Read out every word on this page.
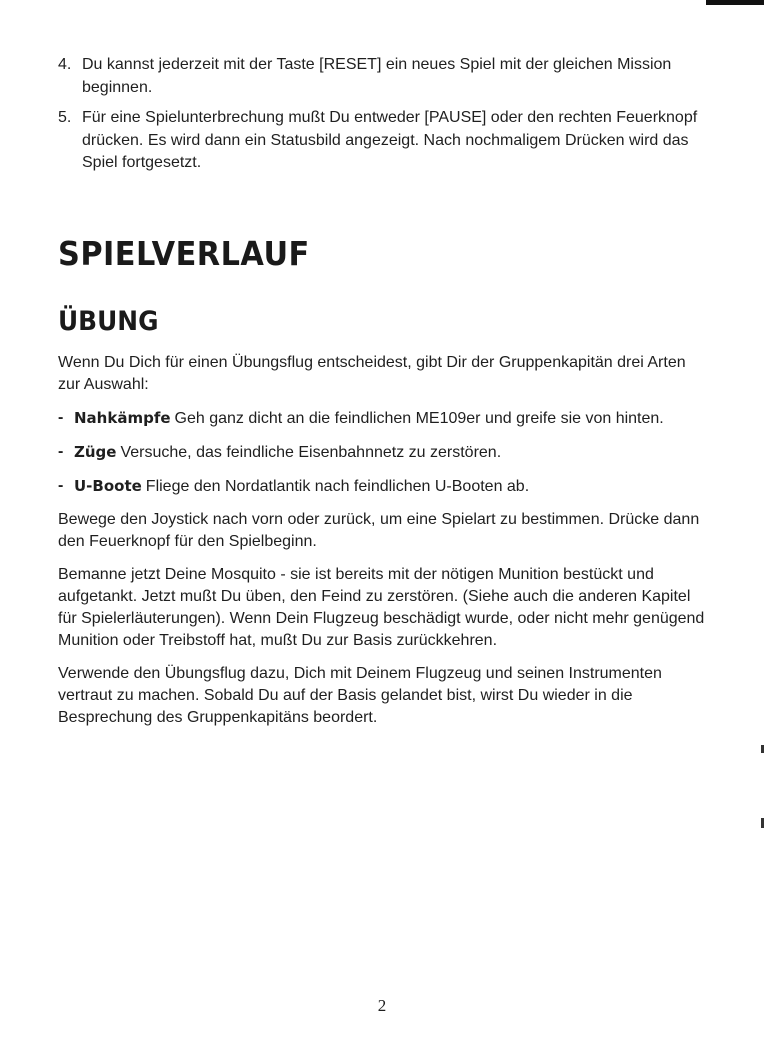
4. Du kannst jederzeit mit der Taste [RESET] ein neues Spiel mit der gleichen Mission beginnen.
5. Für eine Spielunterbrechung mußt Du entweder [PAUSE] oder den rechten Feuerknopf drücken. Es wird dann ein Statusbild angezeigt. Nach nochmaligem Drücken wird das Spiel fortgesetzt.
SPIELVERLAUF
ÜBUNG

Wenn Du Dich für einen Übungsflug entscheidest, gibt Dir der Gruppenkapitän drei Arten zur Auswahl:

- Nahkämpfe Geh ganz dicht an die feindlichen ME109er und greife sie von hinten.
- Züge Versuche, das feindliche Eisenbahnnetz zu zerstören.
- U-Boote Fliege den Nordatlantik nach feindlichen U-Booten ab.

Bewege den Joystick nach vorn oder zurück, um eine Spielart zu bestimmen. Drücke dann den Feuerknopf für den Spielbeginn.

Bemanne jetzt Deine Mosquito - sie ist bereits mit der nötigen Munition bestückt und aufgetankt. Jetzt mußt Du üben, den Feind zu zerstören. (Siehe auch die anderen Kapitel für Spielerläuterungen). Wenn Dein Flugzeug beschädigt wurde, oder nicht mehr genügend Munition oder Treibstoff hat, mußt Du zur Basis zurückkehren.

Verwende den Übungsflug dazu, Dich mit Deinem Flugzeug und seinen Instrumenten vertraut zu machen. Sobald Du auf der Basis gelandet bist, wirst Du wieder in die Besprechung des Gruppenkapitäns beordert.

2
